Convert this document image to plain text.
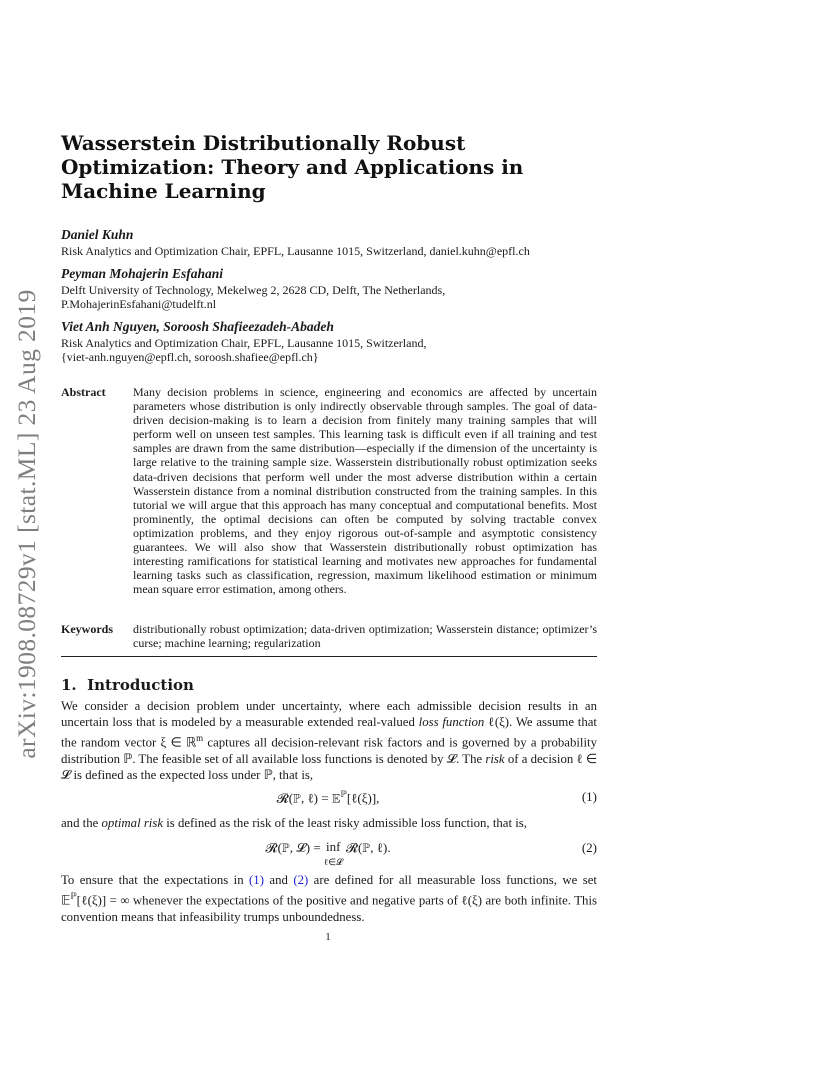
arXiv:1908.08729v1 [stat.ML] 23 Aug 2019
Wasserstein Distributionally Robust Optimization: Theory and Applications in Machine Learning
Daniel Kuhn
Risk Analytics and Optimization Chair, EPFL, Lausanne 1015, Switzerland, daniel.kuhn@epfl.ch
Peyman Mohajerin Esfahani
Delft University of Technology, Mekelweg 2, 2628 CD, Delft, The Netherlands,
P.MohajerinEsfahani@tudelft.nl
Viet Anh Nguyen, Soroosh Shafieezadeh-Abadeh
Risk Analytics and Optimization Chair, EPFL, Lausanne 1015, Switzerland,
{viet-anh.nguyen@epfl.ch, soroosh.shafiee@epfl.ch}
Abstract Many decision problems in science, engineering and economics are affected by uncertain parameters whose distribution is only indirectly observable through samples. The goal of data-driven decision-making is to learn a decision from finitely many training samples that will perform well on unseen test samples. This learning task is difficult even if all training and test samples are drawn from the same distribution—especially if the dimension of the uncertainty is large relative to the training sample size. Wasserstein distributionally robust optimization seeks data-driven decisions that perform well under the most adverse distribution within a certain Wasserstein distance from a nominal distribution constructed from the training samples. In this tutorial we will argue that this approach has many conceptual and computational benefits. Most prominently, the optimal decisions can often be computed by solving tractable convex optimization problems, and they enjoy rigorous out-of-sample and asymptotic consistency guarantees. We will also show that Wasserstein distributionally robust optimization has interesting ramifications for statistical learning and motivates new approaches for fundamental learning tasks such as classification, regression, maximum likelihood estimation or minimum mean square error estimation, among others.
Keywords distributionally robust optimization; data-driven optimization; Wasserstein distance; optimizer’s curse; machine learning; regularization
1. Introduction
We consider a decision problem under uncertainty, where each admissible decision results in an uncertain loss that is modeled by a measurable extended real-valued loss function ℓ(ξ). We assume that the random vector ξ ∈ ℝ$^m$ captures all decision-relevant risk factors and is governed by a probability distribution ℙ. The feasible set of all available loss functions is denoted by 𝓛. The risk of a decision ℓ ∈ 𝓛 is defined as the expected loss under ℙ, that is,
𝓡(ℙ, ℓ) = 𝔼$^ℙ$[ℓ(ξ)],	(1)
and the optimal risk is defined as the risk of the least risky admissible loss function, that is,
𝓡(ℙ, 𝓛) = inf
ℓ∈𝓛 𝓡(ℙ, ℓ).	(2)
To ensure that the expectations in (1) and (2) are defined for all measurable loss functions, we set 𝔼$^ℙ$[ℓ(ξ)] = ∞ whenever the expectations of the positive and negative parts of ℓ(ξ) are both infinite. This convention means that infeasibility trumps unboundedness.
1
